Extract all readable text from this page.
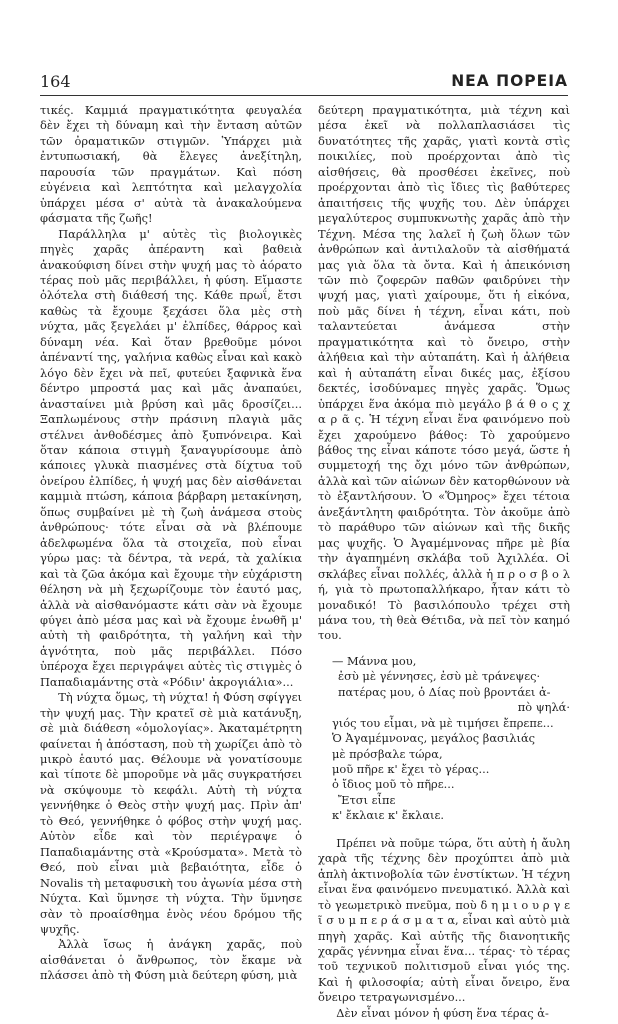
164	ΝΕΑ ΠΟΡΕΙΑ

τικές. Καμμιά πραγματικότητα φευγαλέα δὲν ἔχει τὴ δύναμη καὶ τὴν ἔνταση αὐτῶν τῶν ὀραματικῶν στιγμῶν. Ὑπάρχει μιὰ ἐντυπωσιακή, θὰ ἔλεγες ἀνεξίτηλη, παρουσία τῶν πραγμάτων. Καὶ πόση εὐγένεια καὶ λεπτότητα καὶ μελαγχολία ὑπάρχει μέσα σ' αὐτὰ τὰ ἀνακαλούμενα φάσματα τῆς ζωῆς!

Παράλληλα μ' αὐτὲς τὶς βιολογικὲς πηγὲς χαρᾶς ἀπέραντη καὶ βαθειὰ ἀνακούφιση δίνει στὴν ψυχή μας τὸ ἀόρατο τέρας ποὺ μᾶς περιβάλλει, ἡ φύση. Εἴμαστε ὁλότελα στὴ διάθεσή της. Κάθε πρωΐ, ἔτσι καθὼς τὰ ἔχουμε ξεχάσει ὅλα μὲς στὴ νύχτα, μᾶς ξεγελάει μ' ἐλπίδες, θάρρος καὶ δύναμη νέα. Καὶ ὅταν βρεθοῦμε μόνοι ἀπέναντί της, γαλήνια καθὼς εἶναι καὶ κακὸ λόγο δὲν ἔχει νὰ πεῖ, φυτεύει ξαφνικὰ ἕνα δέντρο μπροστά μας καὶ μᾶς ἀναπαύει, ἀνασταίνει μιὰ βρύση καὶ μᾶς δροσίζει... Ξαπλωμένους στὴν πράσινη πλαγιὰ μᾶς στέλνει ἀνθοδέσμες ἀπὸ ξυπνόνειρα. Καὶ ὅταν κάποια στιγμὴ ξαναγυρίσουμε ἀπὸ κάποιες γλυκὰ πιασμένες στὰ δίχτυα τοῦ ὀνείρου ἐλπίδες, ἡ ψυχή μας δὲν αἰσθάνεται καμμιὰ πτώση, κάποια βάρβαρη μετακίνηση, ὅπως συμβαίνει μὲ τὴ ζωὴ ἀνάμεσα στοὺς ἀνθρώπους· τότε εἶναι σὰ νὰ βλέπουμε ἀδελφωμένα ὅλα τὰ στοιχεῖα, ποὺ εἶναι γύρω μας: τὰ δέντρα, τὰ νερά, τὰ χαλίκια καὶ τὰ ζῶα ἀκόμα καὶ ἔχουμε τὴν εὐχάριστη θέληση νὰ μὴ ξεχωρίζουμε τὸν ἑαυτό μας, ἀλλὰ νὰ αἰσθανόμαστε κάτι σὰν νὰ ἔχουμε φύγει ἀπὸ μέσα μας καὶ νὰ ἔχουμε ἑνωθῆ μ' αὐτὴ τὴ φαιδρότητα, τὴ γαλήνη καὶ τὴν ἁγνότητα, ποὺ μᾶς περιβάλλει. Πόσο ὑπέροχα ἔχει περιγράψει αὐτὲς τὶς στιγμὲς ὁ Παπαδιαμάντης στὰ «Ρόδιν' ἀκρογιάλια»...

Τὴ νύχτα ὅμως, τὴ νύχτα! ἡ Φύση σφίγγει τὴν ψυχή μας. Τὴν κρατεῖ σὲ μιὰ κατάνυξη, σὲ μιὰ διάθεση «ὁμολογίας». Ἀκαταμέτρητη φαίνεται ἡ ἀπόσταση, ποὺ τὴ χωρίζει ἀπὸ τὸ μικρὸ ἑαυτό μας. Θέλουμε νὰ γονατίσουμε καὶ τίποτε δὲ μποροῦμε νὰ μᾶς συγκρατήσει νὰ σκύψουμε τὸ κεφάλι. Αὐτὴ τὴ νύχτα γεννήθηκε ὁ Θεὸς στὴν ψυχή μας. Πρὶν ἀπ' τὸ Θεό, γεννήθηκε ὁ φόβος στὴν ψυχή μας. Αὐτὸν εἶδε καὶ τὸν περιέγραψε ὁ Παπαδιαμάντης στὰ «Κρούσματα». Μετὰ τὸ Θεό, ποὺ εἶναι μιὰ βεβαιότητα, εἶδε ὁ Novalis τὴ μεταφυσικὴ του ἀγωνία μέσα στὴ Νύχτα. Καὶ ὕμνησε τὴ νύχτα. Τὴν ὕμνησε σὰν τὸ προαίσθημα ἑνὸς νέου δρόμου τῆς ψυχῆς.

Ἀλλὰ ἴσως ἡ ἀνάγκη χαρᾶς, ποὺ αἰσθάνεται ὁ ἄνθρωπος, τὸν ἔκαμε νὰ πλάσσει ἀπὸ τὴ Φύση μιὰ δεύτερη φύση, μιὰ

δεύτερη πραγματικότητα, μιὰ τέχνη καὶ μέσα ἐκεῖ νὰ πολλαπλασιάσει τὶς δυνατότητες τῆς χαρᾶς, γιατὶ κοντὰ στὶς ποικιλίες, ποὺ προέρχονται ἀπὸ τὶς αἰσθήσεις, θὰ προσθέσει ἐκεῖνες, ποὺ προέρχονται ἀπὸ τὶς ἴδιες τὶς βαθύτερες ἀπαιτήσεις τῆς ψυχῆς του. Δὲν ὑπάρχει μεγαλύτερος συμπυκνωτὴς χαρᾶς ἀπὸ τὴν Τέχνη. Μέσα της λαλεῖ ἡ ζωὴ ὅλων τῶν ἀνθρώπων καὶ ἀντιλαλοῦν τὰ αἰσθήματά μας γιὰ ὅλα τὰ ὄντα. Καὶ ἡ ἀπεικόνιση τῶν πιὸ ζοφερῶν παθῶν φαιδρύνει τὴν ψυχή μας, γιατὶ χαίρουμε, ὅτι ἡ εἰκόνα, ποὺ μᾶς δίνει ἡ τέχνη, εἶναι κάτι, ποὺ ταλαντεύεται ἀνάμεσα στὴν πραγματικότητα καὶ τὸ ὄνειρο, στὴν ἀλήθεια καὶ τὴν αὐταπάτη. Καὶ ἡ ἀλήθεια καὶ ἡ αὐταπάτη εἶναι δικές μας, ἐξίσου δεκτές, ἰσοδύναμες πηγὲς χαρᾶς. Ὅμως ὑπάρχει ἕνα ἀκόμα πιὸ μεγάλο β ά θ ο ς χ α ρ ᾶ ς. Ἡ τέχνη εἶναι ἕνα φαινόμενο ποὺ ἔχει χαρούμενο βάθος: Τὸ χαρούμενο βάθος της εἶναι κάποτε τόσο μεγά, ὥστε ἡ συμμετοχή της ὄχι μόνο τῶν ἀνθρώπων, ἀλλὰ καὶ τῶν αἰώνων δὲν κατορθώνουν νὰ τὸ ἐξαντλήσουν. Ὁ «Ὅμηρος» ἔχει τέτοια ἀνεξάντλητη φαιδρότητα. Τὸν ἀκοῦμε ἀπὸ τὸ παράθυρο τῶν αἰώνων καὶ τῆς δικῆς μας ψυχῆς. Ὁ Ἀγαμέμνονας πῆρε μὲ βία τὴν ἀγαπημένη σκλάβα τοῦ Ἀχιλλέα. Οἱ σκλάβες εἶναι πολλές, ἀλλὰ ἡ π ρ ο σ β ο λ ή, γιὰ τὸ πρωτοπαλλήκαρο, ἦταν κάτι τὸ μοναδικό! Τὸ βασιλόπουλο τρέχει στὴ μάνα του, τὴ θεὰ Θέτιδα, νὰ πεῖ τὸν καημό του.

— Μάννα μου,
ἐσὺ μὲ γέννησες, ἐσὺ μὲ τράνεψες·
πατέρας μου, ὁ Δίας ποὺ βροντάει ἀ-
πὸ ψηλά·
γιός του εἶμαι, νὰ μὲ τιμήσει ἔπρεπε...
Ὁ Ἀγαμέμνονας, μεγάλος βασιλιάς
μὲ πρόσβαλε τώρα,
μοῦ πῆρε κ' ἔχει τὸ γέρας...
ὁ ἴδιος μοῦ τὸ πῆρε...
Ἔτσι εἶπε
κ' ἔκλαιε κ' ἔκλαιε.

Πρέπει νὰ ποῦμε τώρα, ὅτι αὐτὴ ἡ ἄυλη χαρὰ τῆς τέχνης δὲν προχύπτει ἀπὸ μιὰ ἁπλὴ ἀκτινοβολία τῶν ἐνστίκτων. Ἡ τέχνη εἶναι ἕνα φαινόμενο πνευματικό. Ἀλλὰ καὶ τὸ γεωμετρικὸ πνεῦμα, ποὺ δ η μ ι ο υ ρ γ ε ῖ σ υ μ π ε ρ ά σ μ α τ α, εἶναι καὶ αὐτὸ μιὰ πηγὴ χαρᾶς. Καὶ αὐτῆς τῆς διανοητικῆς χαρᾶς γέννημα εἶναι ἕνα... τέρας· τὸ τέρας τοῦ τεχνικοῦ πολιτισμοῦ εἶναι γιός της. Καὶ ἡ φιλοσοφία; αὐτὴ εἶναι ὄνειρο, ἕνα ὄνειρο τετραγωνισμένο...

Δὲν εἶναι μόνον ἡ φύση ἕνα τέρας ἀ-
